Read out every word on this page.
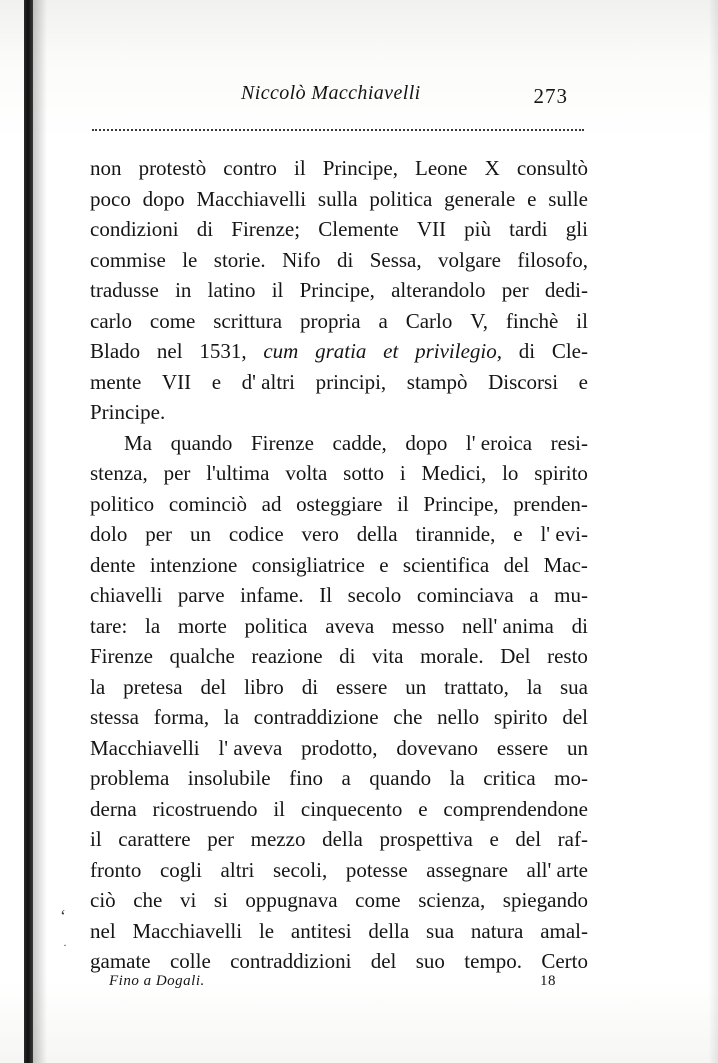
Niccolò Macchiavelli	273
non protestò contro il Principe, Leone X consultò
poco dopo Macchiavelli sulla politica generale e sulle
condizioni di Firenze; Clemente VII più tardi gli
commise le storie. Nifo di Sessa, volgare filosofo,
tradusse in latino il Principe, alterandolo per dedi-
carlo come scrittura propria a Carlo V, finchè il
Blado nel 1531, cum gratia et privilegio, di Cle-
mente VII e d' altri principi, stampò Discorsi e
Principe.
Ma quando Firenze cadde, dopo l' eroica resi-
stenza, per l'ultima volta sotto i Medici, lo spirito
politico cominciò ad osteggiare il Principe, prenden-
dolo per un codice vero della tirannide, e l' evi-
dente intenzione consigliatrice e scientifica del Mac-
chiavelli parve infame. Il secolo cominciava a mu-
tare: la morte politica aveva messo nell' anima di
Firenze qualche reazione di vita morale. Del resto
la pretesa del libro di essere un trattato, la sua
stessa forma, la contraddizione che nello spirito del
Macchiavelli l' aveva prodotto, dovevano essere un
problema insolubile fino a quando la critica mo-
derna ricostruendo il cinquecento e comprendendone
il carattere per mezzo della prospettiva e del raf-
fronto cogli altri secoli, potesse assegnare all' arte
ciò che vi si oppugnava come scienza, spiegando
nel Macchiavelli le antitesi della sua natura amal-
gamate colle contraddizioni del suo tempo. Certo
ʻ
·
Fino a Dogali.	18
